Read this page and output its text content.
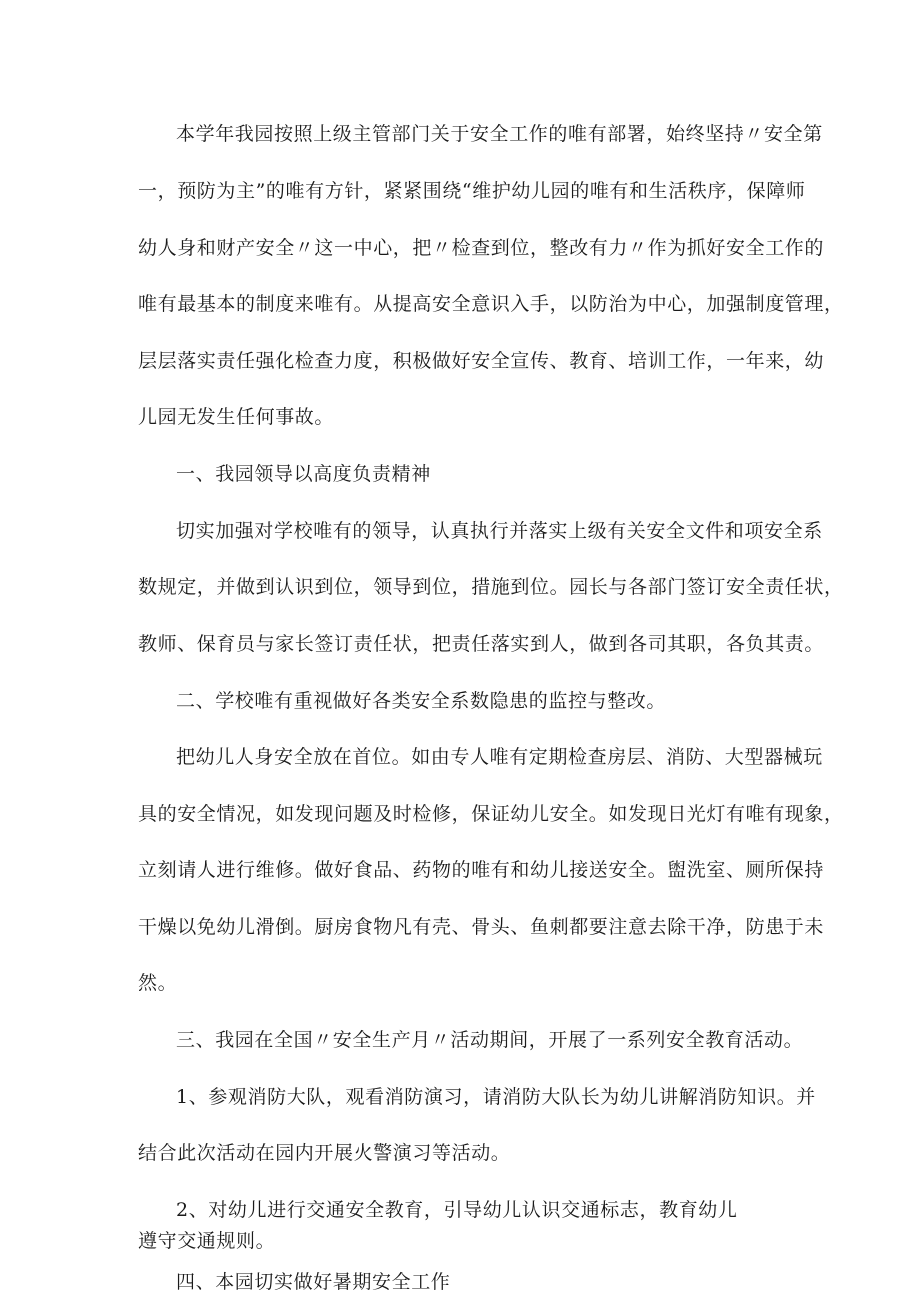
本学年我园按照上级主管部门关于安全工作的唯有部署，始终坚持〃安全第
一，预防为主”的唯有方针，紧紧围绕“维护幼儿园的唯有和生活秩序，保障师
幼人身和财产安全〃这一中心，把〃检查到位，整改有力〃作为抓好安全工作的
唯有最基本的制度来唯有。从提高安全意识入手，以防治为中心，加强制度管理，
层层落实责任强化检查力度，积极做好安全宣传、教育、培训工作，一年来，幼
儿园无发生任何事故。
一、我园领导以高度负责精神
切实加强对学校唯有的领导，认真执行并落实上级有关安全文件和项安全系
数规定，并做到认识到位，领导到位，措施到位。园长与各部门签订安全责任状，
教师、保育员与家长签订责任状，把责任落实到人，做到各司其职，各负其责。
二、学校唯有重视做好各类安全系数隐患的监控与整改。
把幼儿人身安全放在首位。如由专人唯有定期检查房层、消防、大型器械玩
具的安全情况，如发现问题及时检修，保证幼儿安全。如发现日光灯有唯有现象，
立刻请人进行维修。做好食品、药物的唯有和幼儿接送安全。盥洗室、厕所保持
干燥以免幼儿滑倒。厨房食物凡有壳、骨头、鱼刺都要注意去除干净，防患于未
然。
三、我园在全国〃安全生产月〃活动期间，开展了一系列安全教育活动。
1、参观消防大队，观看消防演习，请消防大队长为幼儿讲解消防知识。并
结合此次活动在园内开展火警演习等活动。
2、对幼儿进行交通安全教育，引导幼儿认识交通标志，教育幼儿
遵守交通规则。
四、本园切实做好暑期安全工作
